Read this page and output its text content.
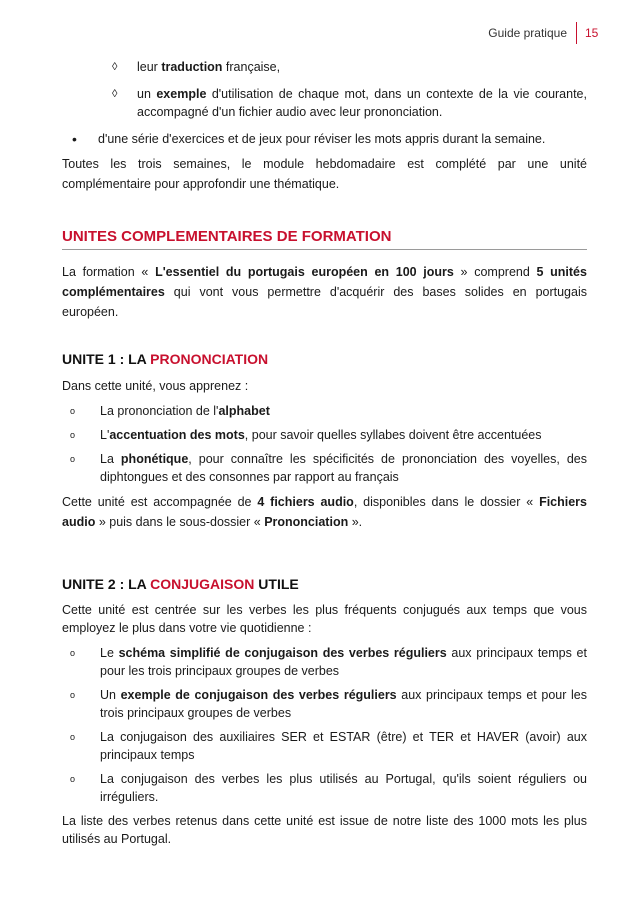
Guide pratique	15
◊ leur traduction française,
◊ un exemple d'utilisation de chaque mot, dans un contexte de la vie courante, accompagné d'un fichier audio avec leur prononciation.
• d'une série d'exercices et de jeux pour réviser les mots appris durant la semaine.

Toutes les trois semaines, le module hebdomadaire est complété par une unité complémentaire pour approfondir une thématique.

UNITES COMPLEMENTAIRES DE FORMATION

La formation « L'essentiel du portugais européen en 100 jours » comprend 5 unités complémentaires qui vont vous permettre d'acquérir des bases solides en portugais européen.

UNITE 1 : LA PRONONCIATION

Dans cette unité, vous apprenez :

o La prononciation de l'alphabet
o L'accentuation des mots, pour savoir quelles syllabes doivent être accentuées
o La phonétique, pour connaître les spécificités de prononciation des voyelles, des diphtongues et des consonnes par rapport au français

Cette unité est accompagnée de 4 fichiers audio, disponibles dans le dossier « Fichiers audio » puis dans le sous-dossier « Prononciation ».

UNITE 2 : LA CONJUGAISON UTILE

Cette unité est centrée sur les verbes les plus fréquents conjugués aux temps que vous employez le plus dans votre vie quotidienne :

o Le schéma simplifié de conjugaison des verbes réguliers aux principaux temps et pour les trois principaux groupes de verbes
o Un exemple de conjugaison des verbes réguliers aux principaux temps et pour les trois principaux groupes de verbes
o La conjugaison des auxiliaires SER et ESTAR (être) et TER et HAVER (avoir) aux principaux temps
o La conjugaison des verbes les plus utilisés au Portugal, qu'ils soient réguliers ou irréguliers.

La liste des verbes retenus dans cette unité est issue de notre liste des 1000 mots les plus utilisés au Portugal.
